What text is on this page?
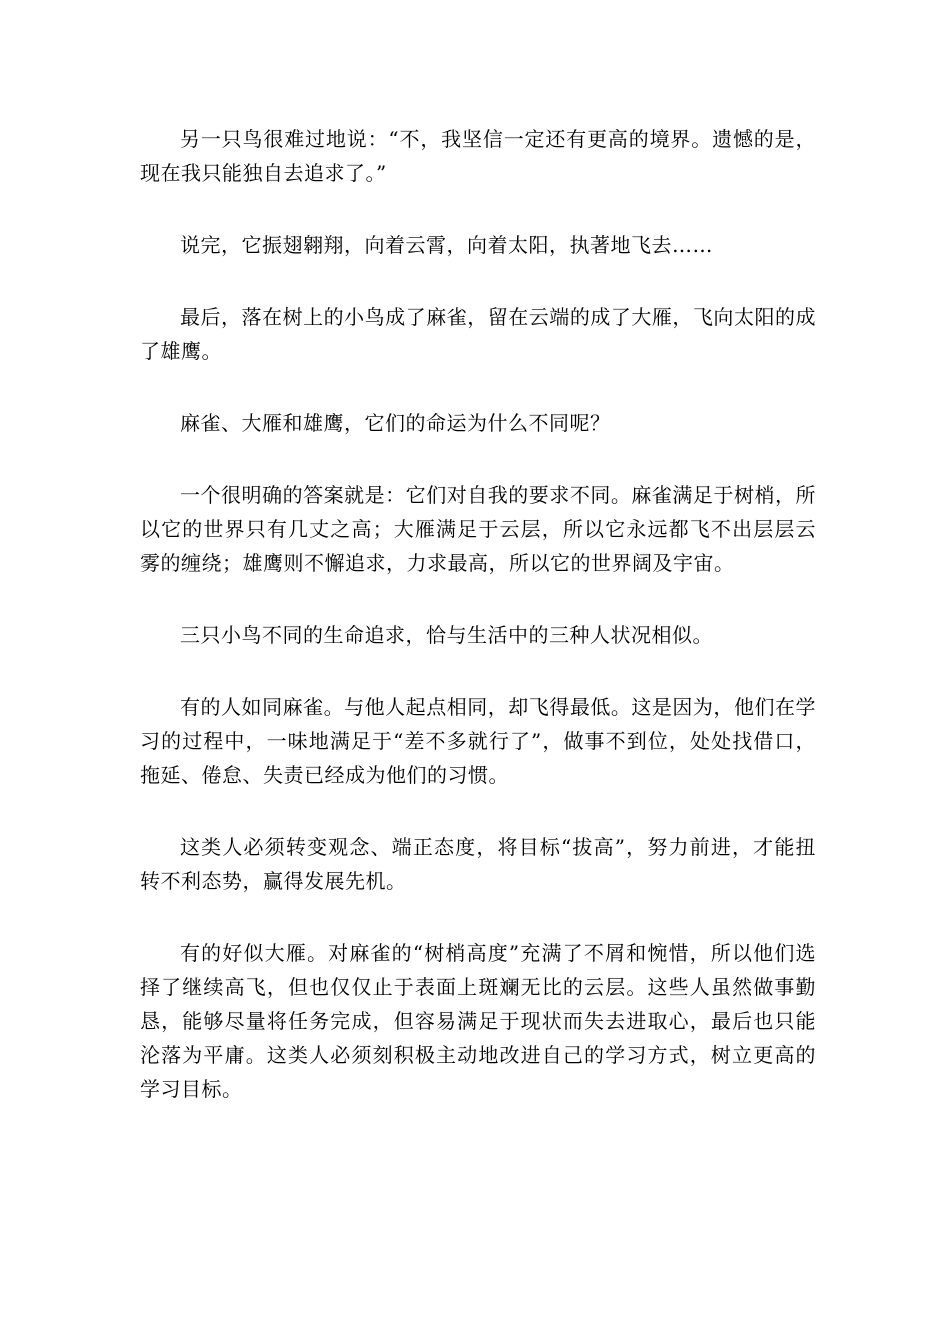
另一只鸟很难过地说：“不，我坚信一定还有更高的境界。遗憾的是，现在我只能独自去追求了。”

说完，它振翅翱翔，向着云霄，向着太阳，执著地飞去……

最后，落在树上的小鸟成了麻雀，留在云端的成了大雁，飞向太阳的成了雄鹰。

麻雀、大雁和雄鹰，它们的命运为什么不同呢？

一个很明确的答案就是：它们对自我的要求不同。麻雀满足于树梢，所以它的世界只有几丈之高；大雁满足于云层，所以它永远都飞不出层层云雾的缠绕；雄鹰则不懈追求，力求最高，所以它的世界阔及宇宙。

三只小鸟不同的生命追求，恰与生活中的三种人状况相似。

有的人如同麻雀。与他人起点相同，却飞得最低。这是因为，他们在学习的过程中，一味地满足于“差不多就行了”，做事不到位，处处找借口，拖延、倦怠、失责已经成为他们的习惯。

这类人必须转变观念、端正态度，将目标“拔高”，努力前进，才能扭转不利态势，赢得发展先机。

有的好似大雁。对麻雀的“树梢高度”充满了不屑和惋惜，所以他们选择了继续高飞，但也仅仅止于表面上斑斓无比的云层。这些人虽然做事勤恳，能够尽量将任务完成，但容易满足于现状而失去进取心，最后也只能沦落为平庸。这类人必须刻积极主动地改进自己的学习方式，树立更高的学习目标。
